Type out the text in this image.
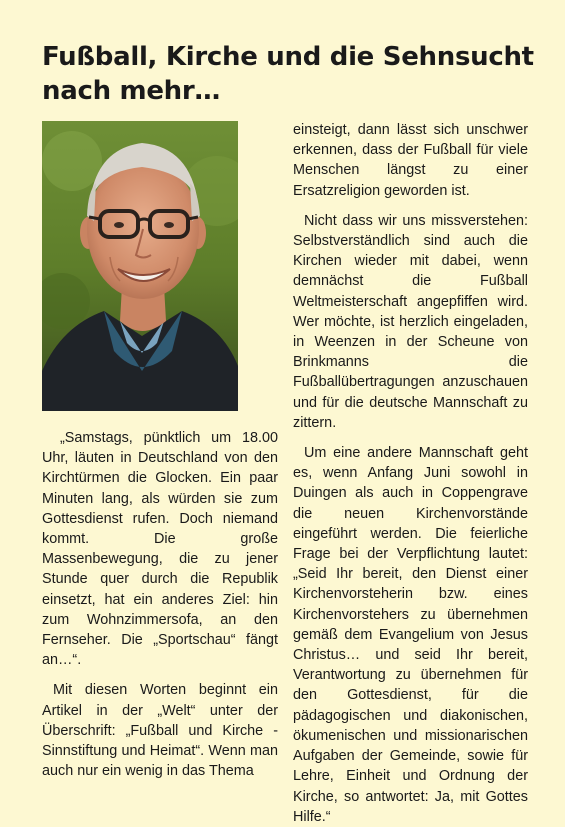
Fußball, Kirche und die Sehnsucht nach mehr…

„Samstags, pünktlich um 18.00 Uhr, läuten in Deutschland von den Kirchtürmen die Glocken. Ein paar Minuten lang, als würden sie zum Gottesdienst rufen. Doch niemand kommt. Die große Massenbewegung, die zu jener Stunde quer durch die Republik einsetzt, hat ein anderes Ziel: hin zum Wohnzimmersofa, an den Fernseher. Die „Sportschau“ fängt an…“.

Mit diesen Worten beginnt ein Artikel in der „Welt“ unter der Überschrift: „Fußball und Kirche - Sinnstiftung und Heimat“. Wenn man auch nur ein wenig in das Thema

einsteigt, dann lässt sich unschwer erkennen, dass der Fußball für viele Menschen längst zu einer Ersatzreligion geworden ist.

Nicht dass wir uns missverstehen: Selbstverständlich sind auch die Kirchen wieder mit dabei, wenn demnächst die Fußball Weltmeisterschaft angepfiffen wird. Wer möchte, ist herzlich eingeladen, in Weenzen in der Scheune von Brinkmanns die Fußballübertragungen anzuschauen und für die deutsche Mannschaft zu zittern.

Um eine andere Mannschaft geht es, wenn Anfang Juni sowohl in Duingen als auch in Coppengrave die neuen Kirchenvorstände eingeführt werden. Die feierliche Frage bei der Verpflichtung lautet: „Seid Ihr bereit, den Dienst einer Kirchenvorsteherin bzw. eines Kirchenvorstehers zu übernehmen gemäß dem Evangelium von Jesus Christus… und seid Ihr bereit, Verantwortung zu übernehmen für den Gottesdienst, für die pädagogischen und diakonischen, ökumenischen und missionarischen Aufgaben der Gemeinde, sowie für Lehre, Einheit und Ordnung der Kirche, so antwortet: Ja, mit Gottes Hilfe.“
